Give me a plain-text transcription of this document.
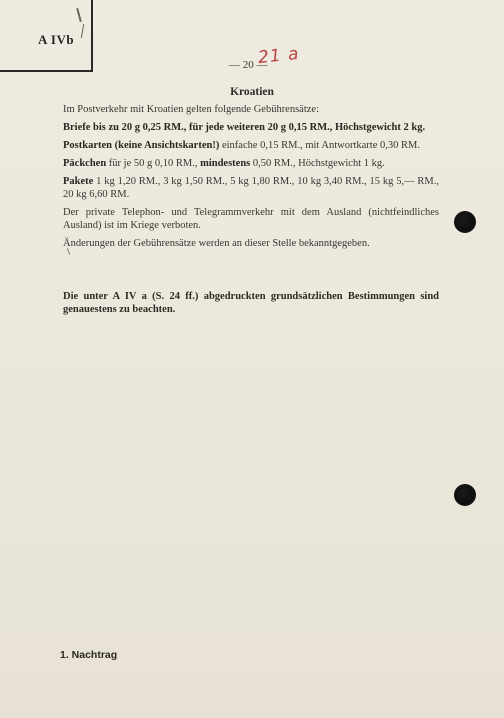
A IVb
— 20 —
21 a
Kroatien

Im Postverkehr mit Kroatien gelten folgende Gebührensätze:

Briefe bis zu 20 g 0,25 RM., für jede weiteren 20 g 0,15 RM., Höchstgewicht 2 kg.

Postkarten (keine Ansichtskarten!) einfache 0,15 RM., mit Antwortkarte 0,30 RM.

Päckchen für je 50 g 0,10 RM., mindestens 0,50 RM., Höchstgewicht 1 kg.

Pakete 1 kg 1,20 RM., 3 kg 1,50 RM., 5 kg 1,80 RM., 10 kg 3,40 RM., 15 kg 5,— RM., 20 kg 6,60 RM.

Der private Telephon- und Telegrammverkehr mit dem Ausland (nichtfeindliches Ausland) ist im Kriege verboten.

Änderungen der Gebührensätze werden an dieser Stelle bekanntgegeben.

Die unter A IV a (S. 24 ff.) abgedruckten grundsätzlichen Bestimmungen sind genauestens zu beachten.
1. Nachtrag
